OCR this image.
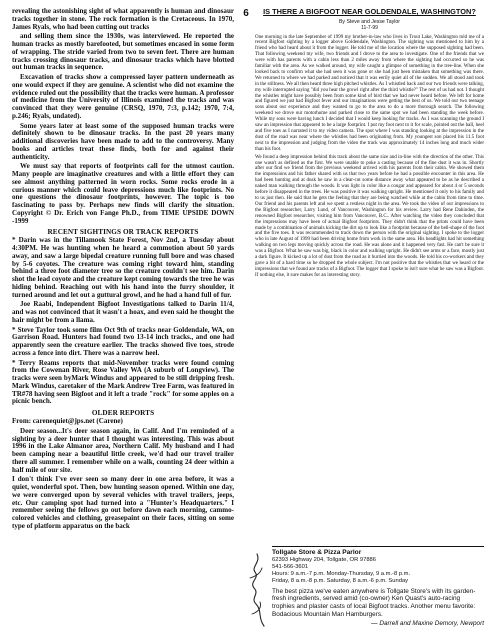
6

revealing the astonishing sight of what apparently is human and dinosaur tracks together in stone. The rock formation is the Cretaceous. In 1970, James Ryals, who had been cutting out tracks

and selling them since the 1930s, was interviewed. He reported the human tracks as mostly barefooted, but sometimes encased in some form of wrapping. The stride varied from two to seven feet. There are human tracks crossing dinosaur tracks, and dinosaur tracks which have blotted out human tracks in sequence.

Excavation of tracks show a compressed layer pattern underneath as one would expect if they are genuine. A scientist who did not examine the evidence ruled out the possibility that the tracks were human. A professor of medicine from the University of Illinois examined the tracks and was convinced that they were genuine (CRSQ, 1970, 7:3, p.142; 1970, 7:4, p.246; Ryals, undated).

Some years later at least some of the supposed human tracks were definitely shown to be dinosaur tracks. In the past 20 years many additional discoveries have been made to add to the controversy. Many books and articles treat these finds, both for and against their authenticity.

We must say that reports of footprints call for the utmost caution. Many people are imaginative creatures and with a little effort they can see almost anything patterned in worn rocks. Some rocks erode in a curious manner which could leave depressions much like footprints. No one questions the dinosaur footprints, however. The topic is too fascinating to pass by. Perhaps new finds will clarify the situation. Copyright © Dr. Erich von Fange Ph.D., from TIME UPSIDE DOWN -1999

RECENT SIGHTINGS OR TRACK REPORTS

* Darin was in the Tillamook State Forest, Nov 2nd, a Tuesday about 4:30PM. He was hunting when he heard a commotion about 50 yards away, and saw a large bipedal creature running full bore and was chased by 5-6 coyotes. The creature was coming right toward him, standing behind a three foot diameter tree so the creature couldn't see him. Darin shot the lead coyote and the creature kept coming towards the tree he was hiding behind. Reaching out with his hand into the furry shoulder, it turned around and let out a guttural growl, and he had a hand full of fur.

Joe Raabi, Independent Bigfoot Investigations talked to Darin 11/4, and was not convinced that it wasn't a hoax, and even said he thought the hair might be from a llama.

* Steve Taylor took some film Oct 9th of tracks near Goldendale, WA, on Garrison Road. Hunters had found two 13-14 inch tracks., and one had apparently seen the creature earlier. The tracks showed five toes, strode across a fence into dirt. There was a narrow heel.

* Terry Reams reports that mid-November tracks were found coming from the Cowenan River, Rose Valley WA (A suburb of Longview). The tracks were seen byMark Windus and appeared to be still dripping fresh. Mark Windus, caretaker of the Mark Andrew Tree Farm, was featured in TR#78 having seen Bigfoot and it left a trade "rock" for some apples on a picnic bench.

OLDER REPORTS

From: carenequiet@jps.net (Carene)

Deer season...It's deer season again, in Calif. And I'm reminded of a sighting by a deer hunter that I thought was interesting. This was about 1996 in the Lake Almanor area, Northern Calif. My husband and I had been camping near a beautiful little creek, we'd had our travel trailer there all summer. I remember while on a walk, counting 24 deer within a half mile of our site.

I don't think I've ever seen so many deer in one area before, it was a quiet, wonderful spot. Then, bow hunting season opened. Within one day, we were converged upon by several vehicles with travel trailers, jeeps, etc. Our camping spot had turned into a "Hunter's Headquarters." I remember seeing the fellows go out before dawn each morning, cammo-colored vehicles and clothing, greasepaint on their faces, sitting on some type of platform apparatus on the back

IS THERE A BIGFOOT NEAR GOLDENDALE, WASHINGTON?
By Steve and Jesse Taylor
11-7-99

One morning in the late September of 1999 my brother-in-law who lives in Trout Lake, Washington told me of a recent Bigfoot sighting by a logger above Goldendale, Washington. The sighting was mentioned to him by a friend who had heard about it from the logger. He told me of the location where the supposed sighting had been. That following weekend my wife, two friends and I drove to the area to investigate. One of the friends that we were with has parents with a cabin less than 2 miles away from where the sighting had occurred so he was familiar with the area. As we walked around, my wife caught a glimpse of something in the tree-line. When she looked back to confirm what she had seen it was gone or she had just been mistaken that something was there. We returned to where we had parked and noticed that it was eerily quiet all of the sudden. We all stood and took in the stillness. We all then heard three high pitched whistles. As I whistled back and our two friends were talking, my wife interrupted saying "did you hear the growl right after the third whistle?" The rest of us had not. I thought the whistles might have possibly been from some kind of bird that we had never heard before. We left for home and figured we just had Bigfoot fever and our imaginations were getting the best of us. We told our two teenage sons about our experience and they wanted to go to the area to do a more thorough search. The following weekend we drove our motorhome and parked close to the same spot we had been standing the week before. While my sons were having lunch I decided that I would keep looking for tracks. As I was scanning the ground I saw an impression that appeared to be a large footprint. I put my foot next to it for scale, pointed out the ball, heel and five toes as I narrated it to my video camera. The spot where I was standing looking at the impression in the dust of the road was near where the whistles had been originating from. My youngest son placed his 11.5 foot next to the impression and judging from the video the track was approximately 14 inches long and much wider than his foot.

We found a deep impression behind this track about the same size and in-line with the direction of the other. This one wasn't as defined as the first. We were unable to poke a casting because of the fine dust it was in. Shortly after our find we friend from the previous weekend arrived with his parents from their cabin. We showed them the impressions and his father shared with us that two years before he had a possible encounter in this area. He had been hunting and at dusk he saw in a clear-cut some distance away what appeared to be as he described a naked man walking through the woods. It was light in color like a cougar and appeared for about 4 or 5 seconds before it disappeared in the trees. He was positive it was walking upright. He mentioned it only to his family and to us just then. He said that he gets the feeling that they are being watched while at the cabin from time to time. Our friend and his parents left and we spent a restless night in the area. We took the video of our impressions to the Bigfoot researcher, Larry Lund, of Vancouver, Washington for his review. Larry had Rene Dahinden, the renowned Bigfoot researcher, visiting him from Vancouver, B.C.. After watching the video they concluded that the impressions may have been of actual Bigfoot footprints. They didn't think that the prints could have been made by a combination of animals kicking the dirt up to look like a footprint because of the bell-shape of the foot and the five toes. It was recommended to track down the person with the original sighting. I spoke to the logger who in late August of 1999 had been driving home from work in the same area. His headlights had hit something walking on two legs moving quickly across the road. He was alone and it happened very fast. He can't be sure it was a Bigfoot. What he saw was big, black in color and walking upright. He didn't see arms or a face, mostly just a dark figure. It kicked up a lot of dust from the road as it hurried into the woods. He told his co-workers and they gave a bit of a hard time so he dropped the whole subject. I'm not positive that the whistles that we heard or the impressions that we found are tracks of a Bigfoot. The logger that I spoke to isn't sure what he saw was a Bigfoot. If nothing else, it sure makes for an interesting story.

Tollgate Store & Pizza Parlor
62393 Highway 204, Tollgate, OR 97886
541-566-3601
Hours: 9 a.m.-7 p.m. Monday-Thursday, 9 a.m.-8 p.m.
Friday, 8 a.m.-8 p.m. Saturday, 8 a.m.-6 p.m. Sunday
The best pizza we've eaten anywhere is Tollgate Store's with its garden-fresh ingredients, served amid (co-owner) Ken Quast's auto-racing trophies and plaster casts of local Bigfoot tracks. Another menu favorite: Bodacious Mountain Man Hamburgers.
— Darrell and Maxine Demory, Newport
